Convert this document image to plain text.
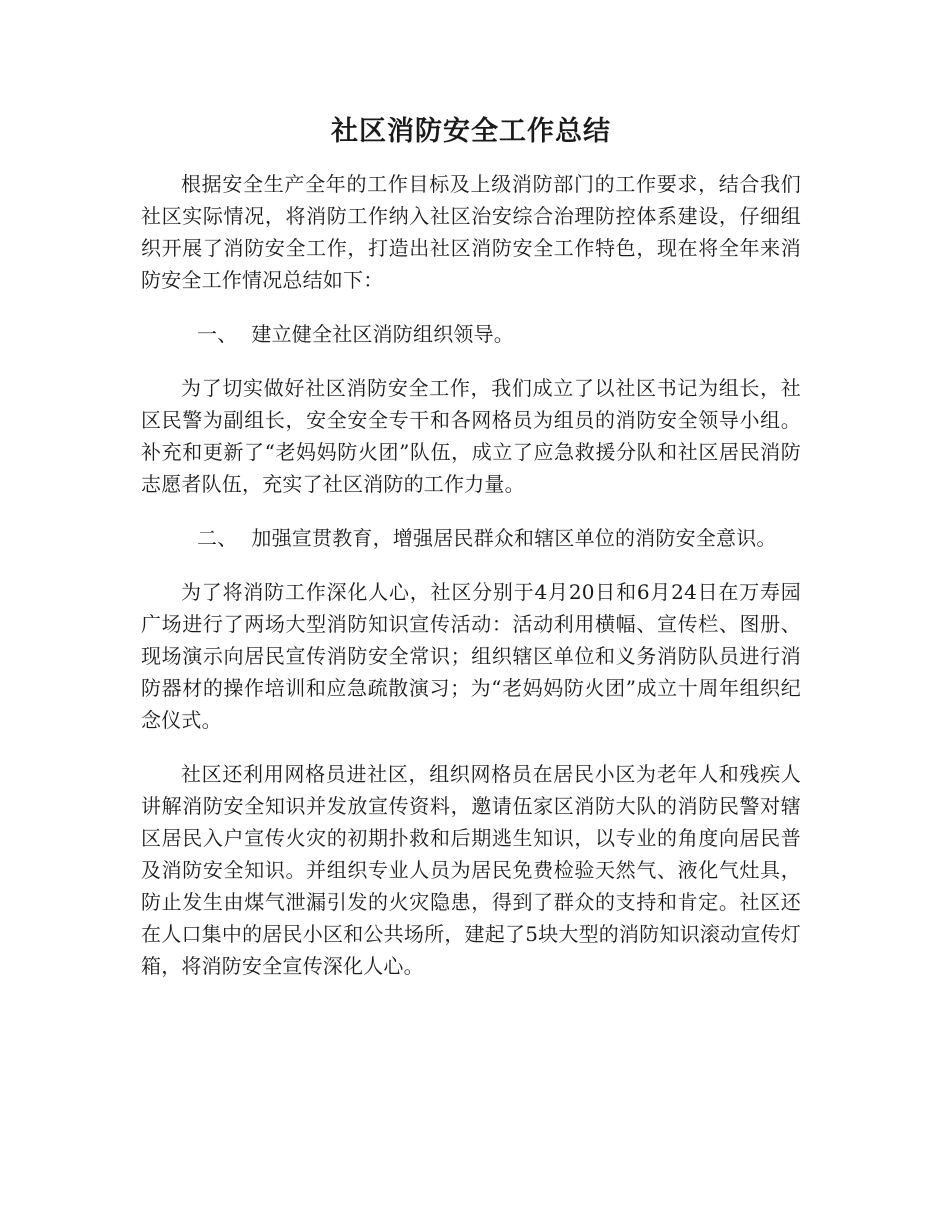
社区消防安全工作总结

根据安全生产全年的工作目标及上级消防部门的工作要求，结合我们社区实际情况，将消防工作纳入社区治安综合治理防控体系建设，仔细组织开展了消防安全工作，打造出社区消防安全工作特色，现在将全年来消防安全工作情况总结如下：

一、 建立健全社区消防组织领导。

为了切实做好社区消防安全工作，我们成立了以社区书记为组长，社区民警为副组长，安全安全专干和各网格员为组员的消防安全领导小组。补充和更新了“老妈妈防火团”队伍，成立了应急救援分队和社区居民消防志愿者队伍，充实了社区消防的工作力量。

二、 加强宣贯教育，增强居民群众和辖区单位的消防安全意识。

为了将消防工作深化人心，社区分别于4月20日和6月24日在万寿园广场进行了两场大型消防知识宣传活动：活动利用横幅、宣传栏、图册、现场演示向居民宣传消防安全常识；组织辖区单位和义务消防队员进行消防器材的操作培训和应急疏散演习；为“老妈妈防火团”成立十周年组织纪念仪式。

社区还利用网格员进社区，组织网格员在居民小区为老年人和残疾人讲解消防安全知识并发放宣传资料，邀请伍家区消防大队的消防民警对辖区居民入户宣传火灾的初期扑救和后期逃生知识，以专业的角度向居民普及消防安全知识。并组织专业人员为居民免费检验天然气、液化气灶具，防止发生由煤气泄漏引发的火灾隐患，得到了群众的支持和肯定。社区还在人口集中的居民小区和公共场所，建起了5块大型的消防知识滚动宣传灯箱，将消防安全宣传深化人心。
